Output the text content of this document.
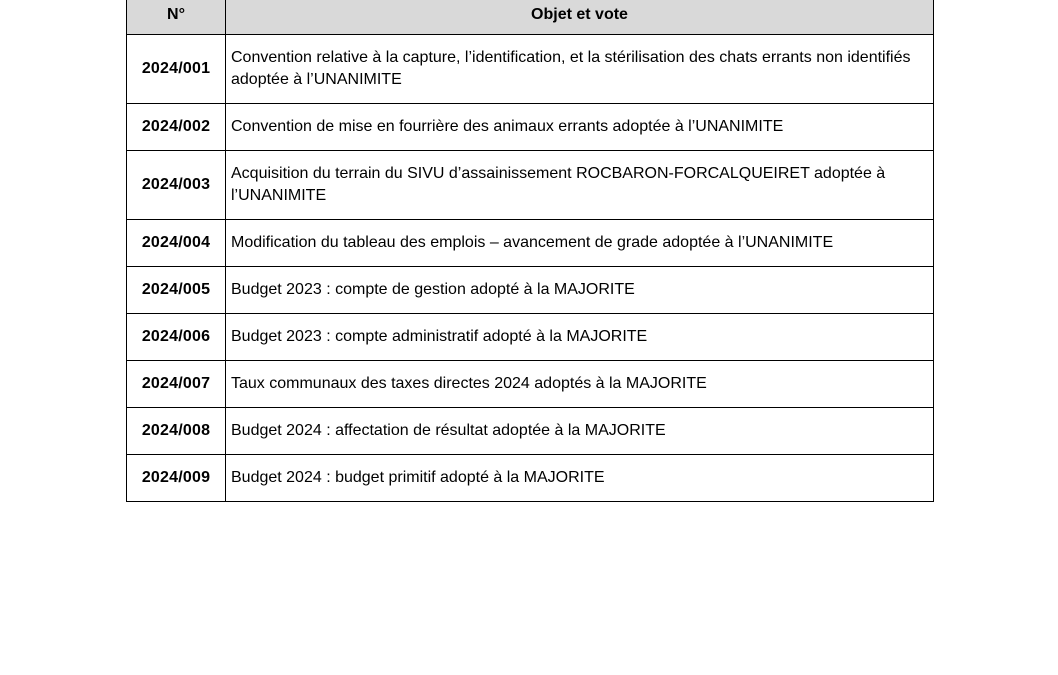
N°	Objet et vote
2024/001	Convention relative à la capture, l’identification, et la stérilisation des chats errants non identifiés adoptée à l’UNANIMITE
2024/002	Convention de mise en fourrière des animaux errants adoptée à l’UNANIMITE
2024/003	Acquisition du terrain du SIVU d’assainissement ROCBARON-FORCALQUEIRET adoptée à l’UNANIMITE
2024/004	Modification du tableau des emplois – avancement de grade adoptée à l’UNANIMITE
2024/005	Budget 2023 : compte de gestion adopté à la MAJORITE
2024/006	Budget 2023 : compte administratif adopté à la MAJORITE
2024/007	Taux communaux des taxes directes 2024 adoptés à la MAJORITE
2024/008	Budget 2024 : affectation de résultat adoptée à la MAJORITE
2024/009	Budget 2024 : budget primitif adopté à la MAJORITE
